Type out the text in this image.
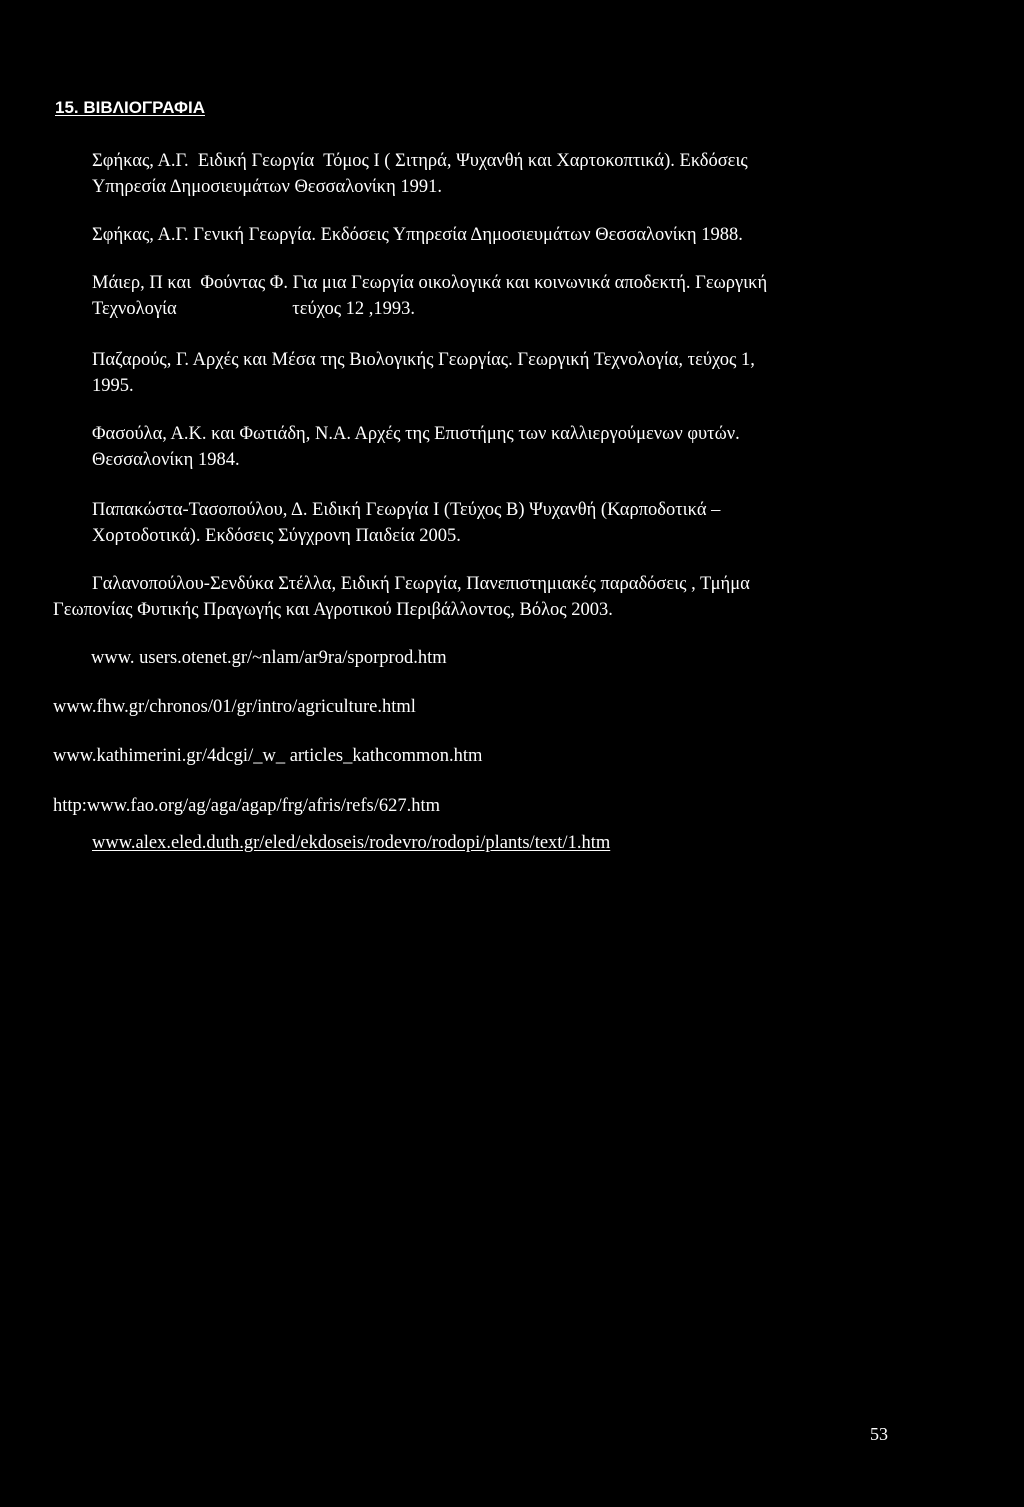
15. ΒΙΒΛΙΟΓΡΑΦΙΑ
Σφήκας, Α.Γ.  Ειδική Γεωργία  Τόμος Ι ( Σιτηρά, Ψυχανθή και Χαρτοκοπτικά). Εκδόσεις
Υπηρεσία Δημοσιευμάτων Θεσσαλονίκη 1991.
Σφήκας, Α.Γ. Γενική Γεωργία. Εκδόσεις Υπηρεσία Δημοσιευμάτων Θεσσαλονίκη 1988.
Μάιερ, Π και  Φούντας Φ. Για μια Γεωργία οικολογικά και κοινωνικά αποδεκτή. Γεωργική
Τεχνολογία                         τεύχος 12 ,1993.
Παζαρούς, Γ. Αρχές και Μέσα της Βιολογικής Γεωργίας. Γεωργική Τεχνολογία, τεύχος 1,
1995.
Φασούλα, Α.Κ. και Φωτιάδη, Ν.Α. Αρχές της Επιστήμης των καλλιεργούμενων φυτών.
Θεσσαλονίκη 1984.
Παπακώστα-Τασοπούλου, Δ. Ειδική Γεωργία Ι (Τεύχος Β) Ψυχανθή (Καρποδοτικά –
Χορτοδοτικά). Εκδόσεις Σύγχρονη Παιδεία 2005.
Γαλανοπούλου-Σενδύκα Στέλλα, Ειδική Γεωργία, Πανεπιστημιακές παραδόσεις , Τμήμα
Γεωπονίας Φυτικής Πραγωγής και Αγροτικού Περιβάλλοντος, Βόλος 2003.
www. users.otenet.gr/~nlam/ar9ra/sporprod.htm
www.fhw.gr/chronos/01/gr/intro/agriculture.html
www.kathimerini.gr/4dcgi/_w_ articles_kathcommon.htm
http:www.fao.org/ag/aga/agap/frg/afris/refs/627.htm
www.alex.eled.duth.gr/eled/ekdoseis/rodevro/rodopi/plants/text/1.htm
53
